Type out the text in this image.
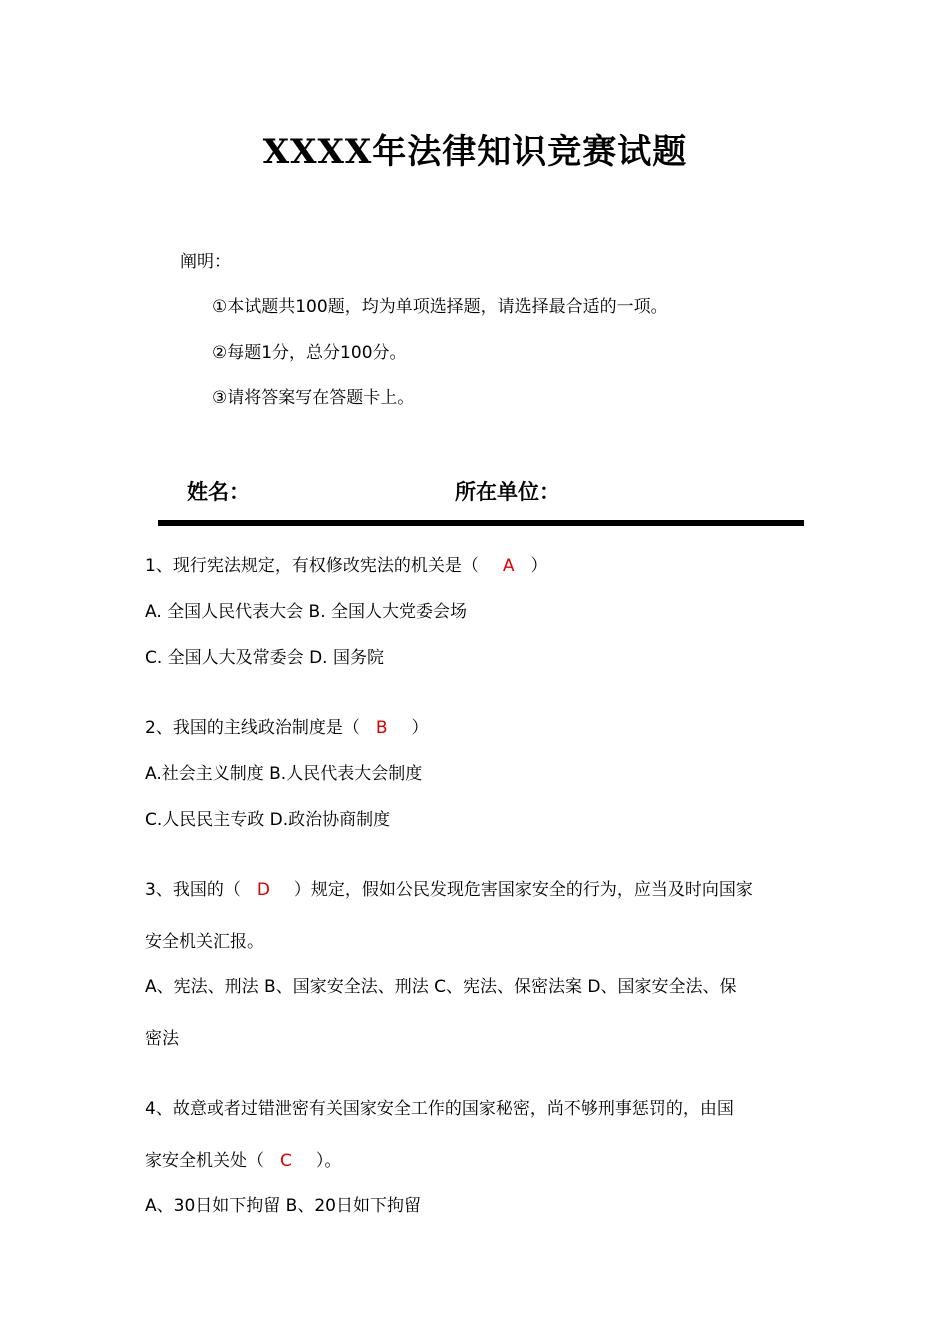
XXXX年法律知识竞赛试题
阐明：
①本试题共100题，均为单项选择题，请选择最合适的一项。
②每题1分，总分100分。
③请将答案写在答题卡上。
姓名：	所在单位：
1、现行宪法规定，有权修改宪法的机关是（ A ）
A. 全国人民代表大会 B. 全国人大党委会场
C. 全国人大及常委会 D. 国务院
2、我国的主线政治制度是（ B ）
A.社会主义制度 B.人民代表大会制度
C.人民民主专政 D.政治协商制度
3、我国的（ D ）规定，假如公民发现危害国家安全的行为，应当及时向国家
安全机关汇报。
A、宪法、刑法 B、国家安全法、刑法 C、宪法、保密法案 D、国家安全法、保
密法
4、故意或者过错泄密有关国家安全工作的国家秘密，尚不够刑事惩罚的，由国
家安全机关处（ C ）。
A、30日如下拘留 B、20日如下拘留
